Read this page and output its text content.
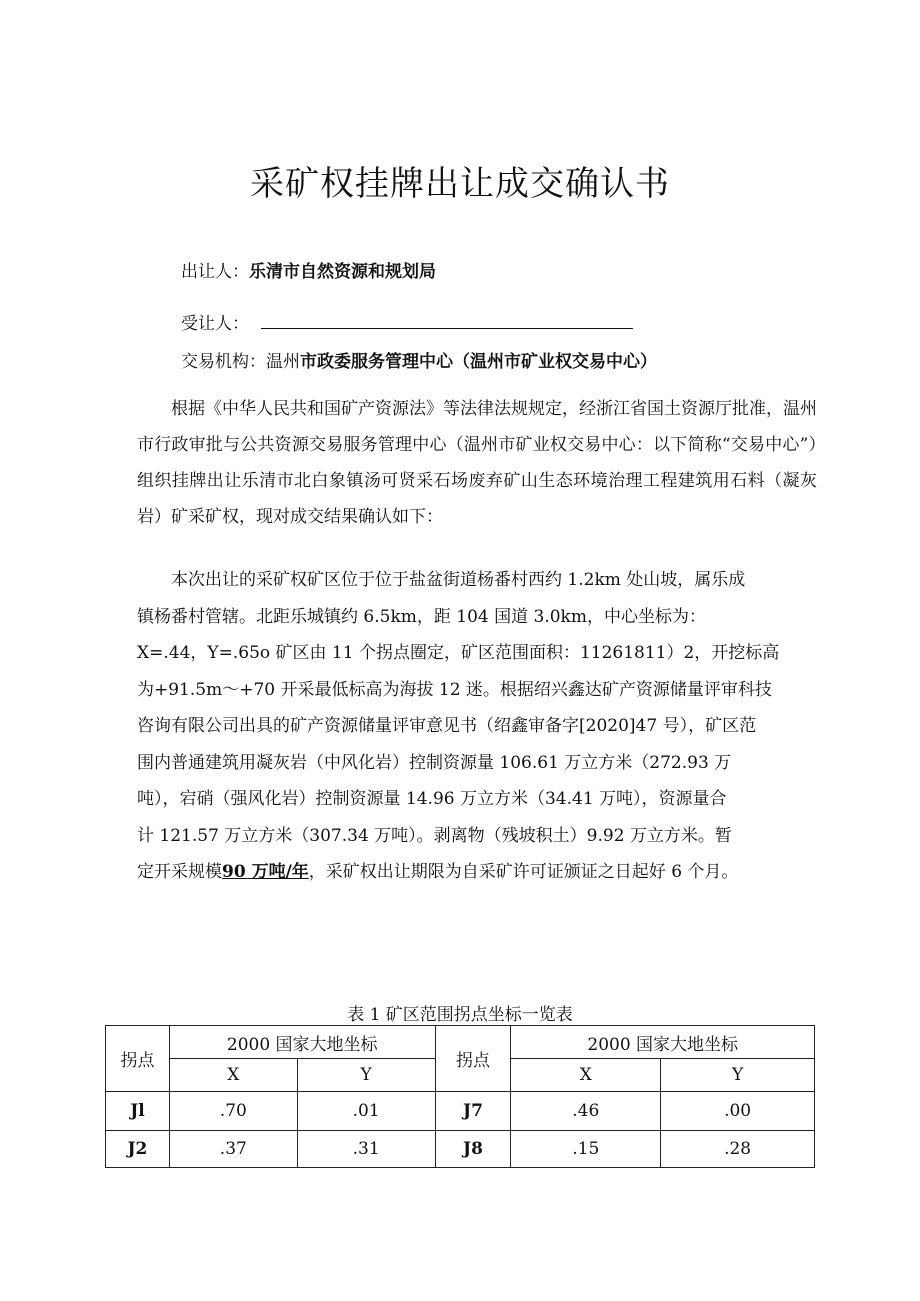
采矿权挂牌出让成交确认书
出让人：乐清市自然资源和规划局
受让人：
交易机构：温州市政委服务管理中心（温州市矿业权交易中心）

根据《中华人民共和国矿产资源法》等法律法规规定，经浙江省国土资源厅批准，温州市行政审批与公共资源交易服务管理中心（温州市矿业权交易中心：以下简称“交易中心”）组织挂牌出让乐清市北白象镇汤可贤采石场废弃矿山生态环境治理工程建筑用石料（凝灰岩）矿采矿权，现对成交结果确认如下：

本次出让的采矿权矿区位于位于盐盆街道杨番村西约 1.2km 处山坡，属乐成
镇杨番村管辖。北距乐城镇约 6.5km，距 104 国道 3.0km，中心坐标为：
X=.44，Y=.65o 矿区由 11 个拐点圈定，矿区范围面积：11261811）2，开挖标高
为+91.5m～+70 开采最低标高为海拔 12 迷。根据绍兴鑫达矿产资源储量评审科技
咨询有限公司出具的矿产资源储量评审意见书（绍鑫审备字[2020]47 号），矿区范
围内普通建筑用凝灰岩（中风化岩）控制资源量 106.61 万立方米（272.93 万
吨），宕硝（强风化岩）控制资源量 14.96 万立方米（34.41 万吨），资源量合
计 121.57 万立方米（307.34 万吨）。剥离物（残坡积土）9.92 万立方米。暂
定开采规模90 万吨/年，采矿权出让期限为自采矿许可证颁证之日起好 6 个月。
表 1 矿区范围拐点坐标一览表
拐点	2000 国家大地坐标		拐点	2000 国家大地坐标	
	X	Y		X	Y
Jl	.70	.01	J7	.46	.00
J2	.37	.31	J8	.15	.28
